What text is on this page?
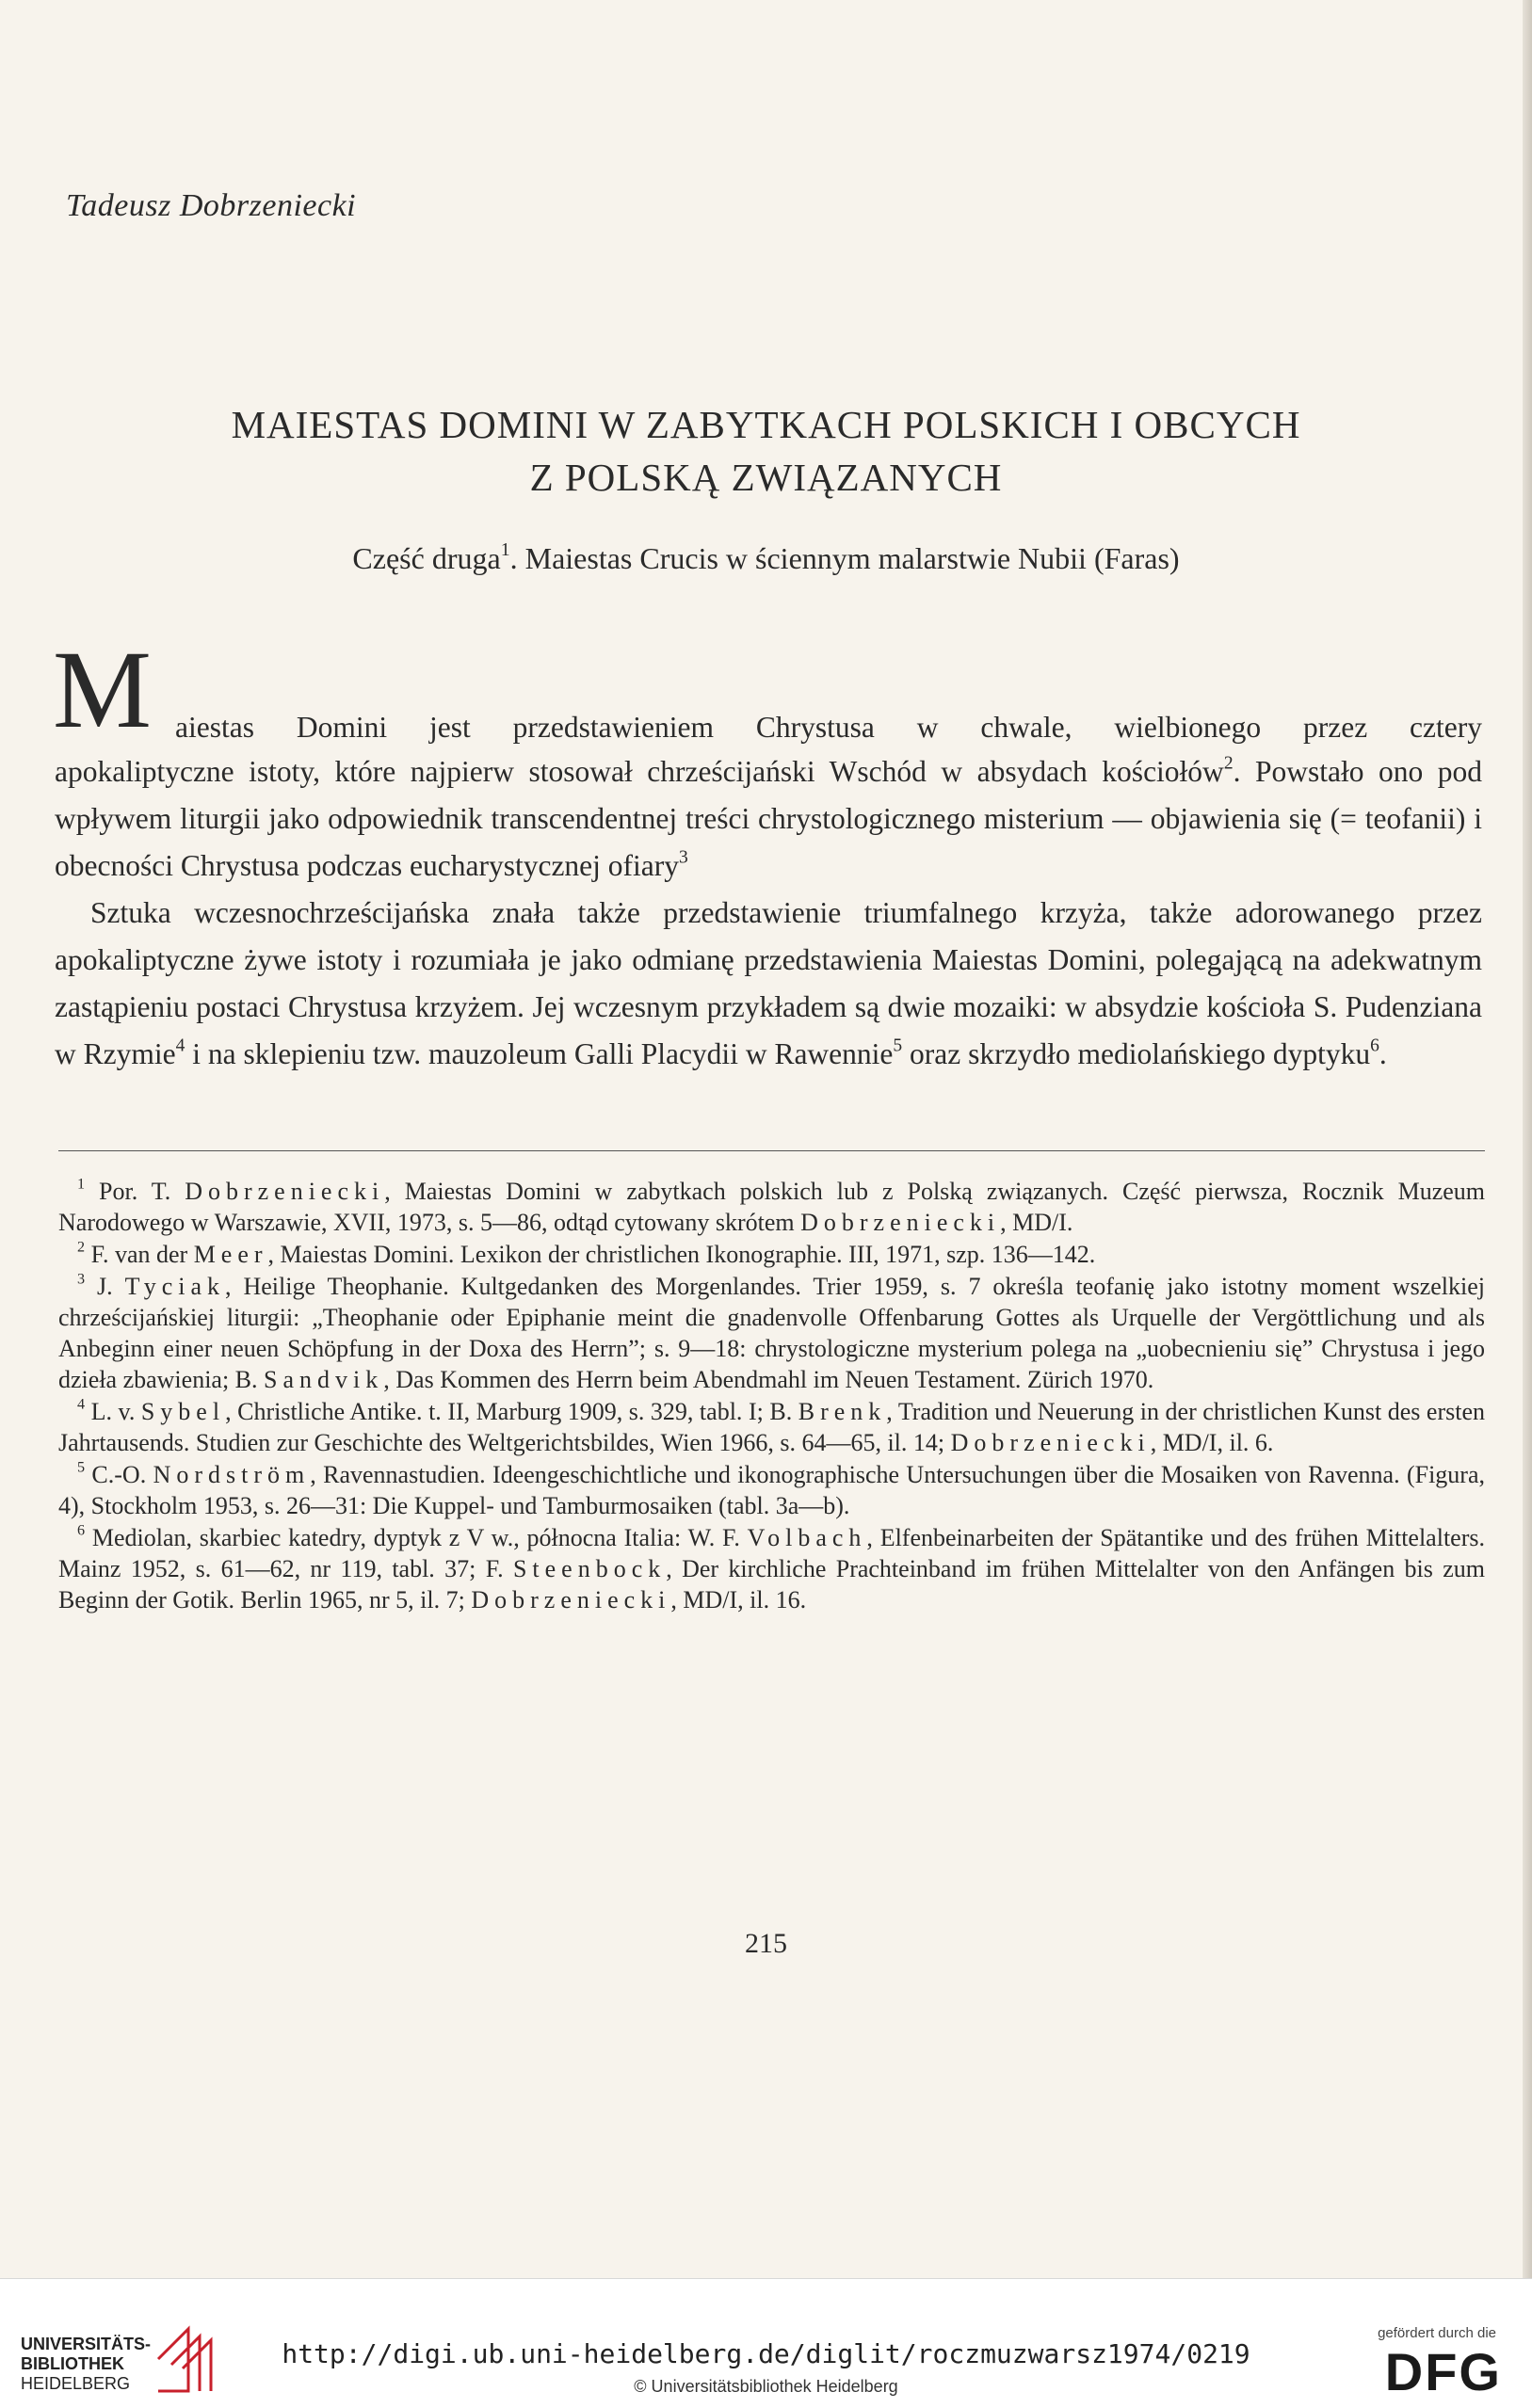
Tadeusz Dobrzeniecki
MAIESTAS DOMINI W ZABYTKACH POLSKICH I OBCYCH
Z POLSKĄ ZWIĄZANYCH
Część druga$^1$. Maiestas Crucis w ściennym malarstwie Nubii (Faras)
M aiestas Domini jest przedstawieniem Chrystusa w chwale, wielbionego przez cztery
apokaliptyczne istoty, które najpierw stosował chrześcijański Wschód w absydach kościołów$^2$. Powstało ono pod wpływem liturgii jako odpowiednik transcendentnej treści chrystologicznego misterium — objawienia się (= teofanii) i obecności Chrystusa podczas eucharystycznej ofiary$^3$
Sztuka wczesnochrześcijańska znała także przedstawienie triumfalnego krzyża, także adorowanego przez apokaliptyczne żywe istoty i rozumiała je jako odmianę przedstawienia Maiestas Domini, polegającą na adekwatnym zastąpieniu postaci Chrystusa krzyżem. Jej wczesnym przykładem są dwie mozaiki: w absydzie kościoła S. Pudenziana w Rzymie$^4$ i na sklepieniu tzw. mauzoleum Galli Placydii w Rawennie$^5$ oraz skrzydło mediolańskiego dyptyku$^6$.

$^1$ Por. T. Dobrzeniecki, Maiestas Domini w zabytkach polskich lub z Polską związanych. Część pierwsza, Rocznik Muzeum Narodowego w Warszawie, XVII, 1973, s. 5—86, odtąd cytowany skrótem Dobrzeniecki, MD/I.

$^2$ F. van der Meer, Maiestas Domini. Lexikon der christlichen Ikonographie. III, 1971, szp. 136—142.

$^3$ J. Tyciak, Heilige Theophanie. Kultgedanken des Morgenlandes. Trier 1959, s. 7 określa teofanię jako istotny moment wszelkiej chrześcijańskiej liturgii: „Theophanie oder Epiphanie meint die gnadenvolle Offenbarung Gottes als Urquelle der Vergöttlichung und als Anbeginn einer neuen Schöpfung in der Doxa des Herrn”; s. 9—18: chrystologiczne mysterium polega na „uobecnieniu się” Chrystusa i jego dzieła zbawienia; B. Sandvik, Das Kommen des Herrn beim Abendmahl im Neuen Testament. Zürich 1970.

$^4$ L. v. Sybel, Christliche Antike. t. II, Marburg 1909, s. 329, tabl. I; B. Brenk, Tradition und Neuerung in der christlichen Kunst des ersten Jahrtausends. Studien zur Geschichte des Weltgerichtsbildes, Wien 1966, s. 64—65, il. 14; Dobrzeniecki, MD/I, il. 6.

$^5$ C.-O. Nordström, Ravennastudien. Ideengeschichtliche und ikonographische Untersuchungen über die Mosaiken von Ravenna. (Figura, 4), Stockholm 1953, s. 26—31: Die Kuppel- und Tamburmosaiken (tabl. 3a—b).

$^6$ Mediolan, skarbiec katedry, dyptyk z V w., północna Italia: W. F. Volbach, Elfenbeinarbeiten der Spätantike und des frühen Mittelalters. Mainz 1952, s. 61—62, nr 119, tabl. 37; F. Steenbock, Der kirchliche Prachteinband im frühen Mittelalter von den Anfängen bis zum Beginn der Gotik. Berlin 1965, nr 5, il. 7; Dobrzeniecki, MD/I, il. 16.

215
UNIVERSITÄTS-
BIBLIOTHEK
HEIDELBERG
http://digi.ub.uni-heidelberg.de/diglit/roczmuzwarsz1974/0219
© Universitätsbibliothek Heidelberg
gefördert durch die
DFG
